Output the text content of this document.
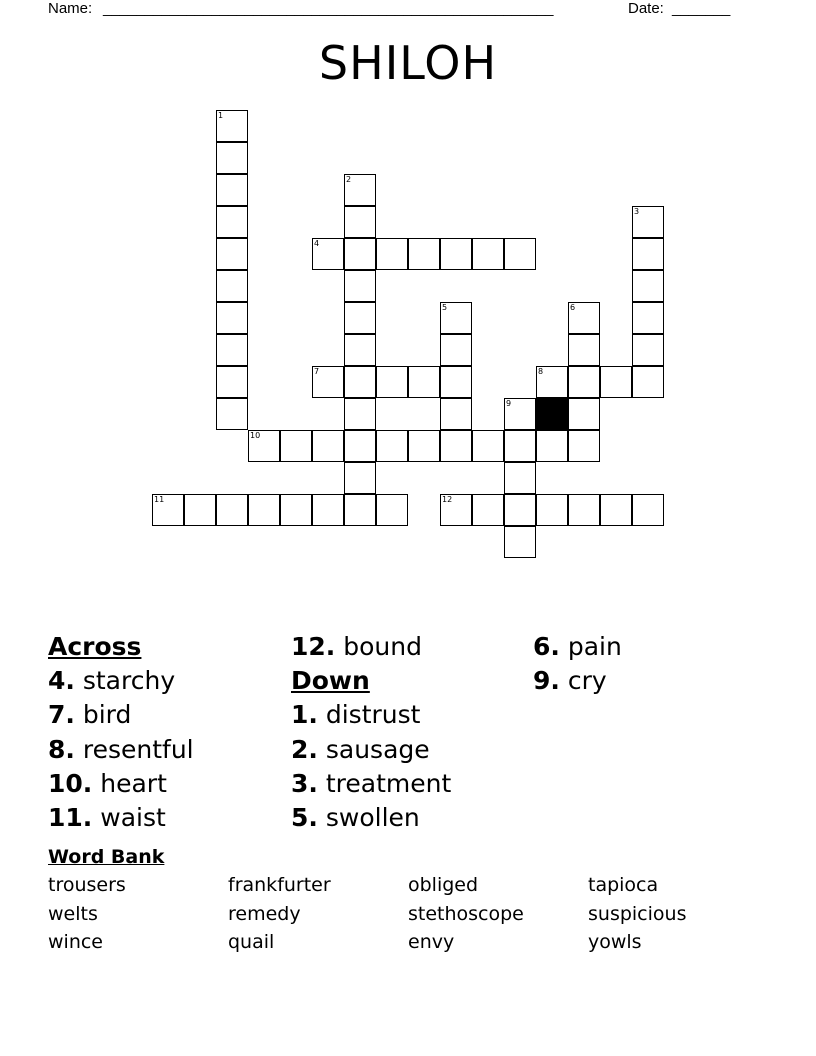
Name: ______________________________________________________	Date: _______
SHILOH
4
7	8
10
11	12
1
2
3
5	6
9
Across
4. starchy
7. bird
8. resentful
10. heart
11. waist
12. bound
Down
1. distrust
2. sausage
3. treatment
5. swollen
6. pain
9. cry
Word Bank
trousers	frankfurter	obliged	tapioca
welts	remedy	stethoscope	suspicious
wince	quail	envy	yowls
